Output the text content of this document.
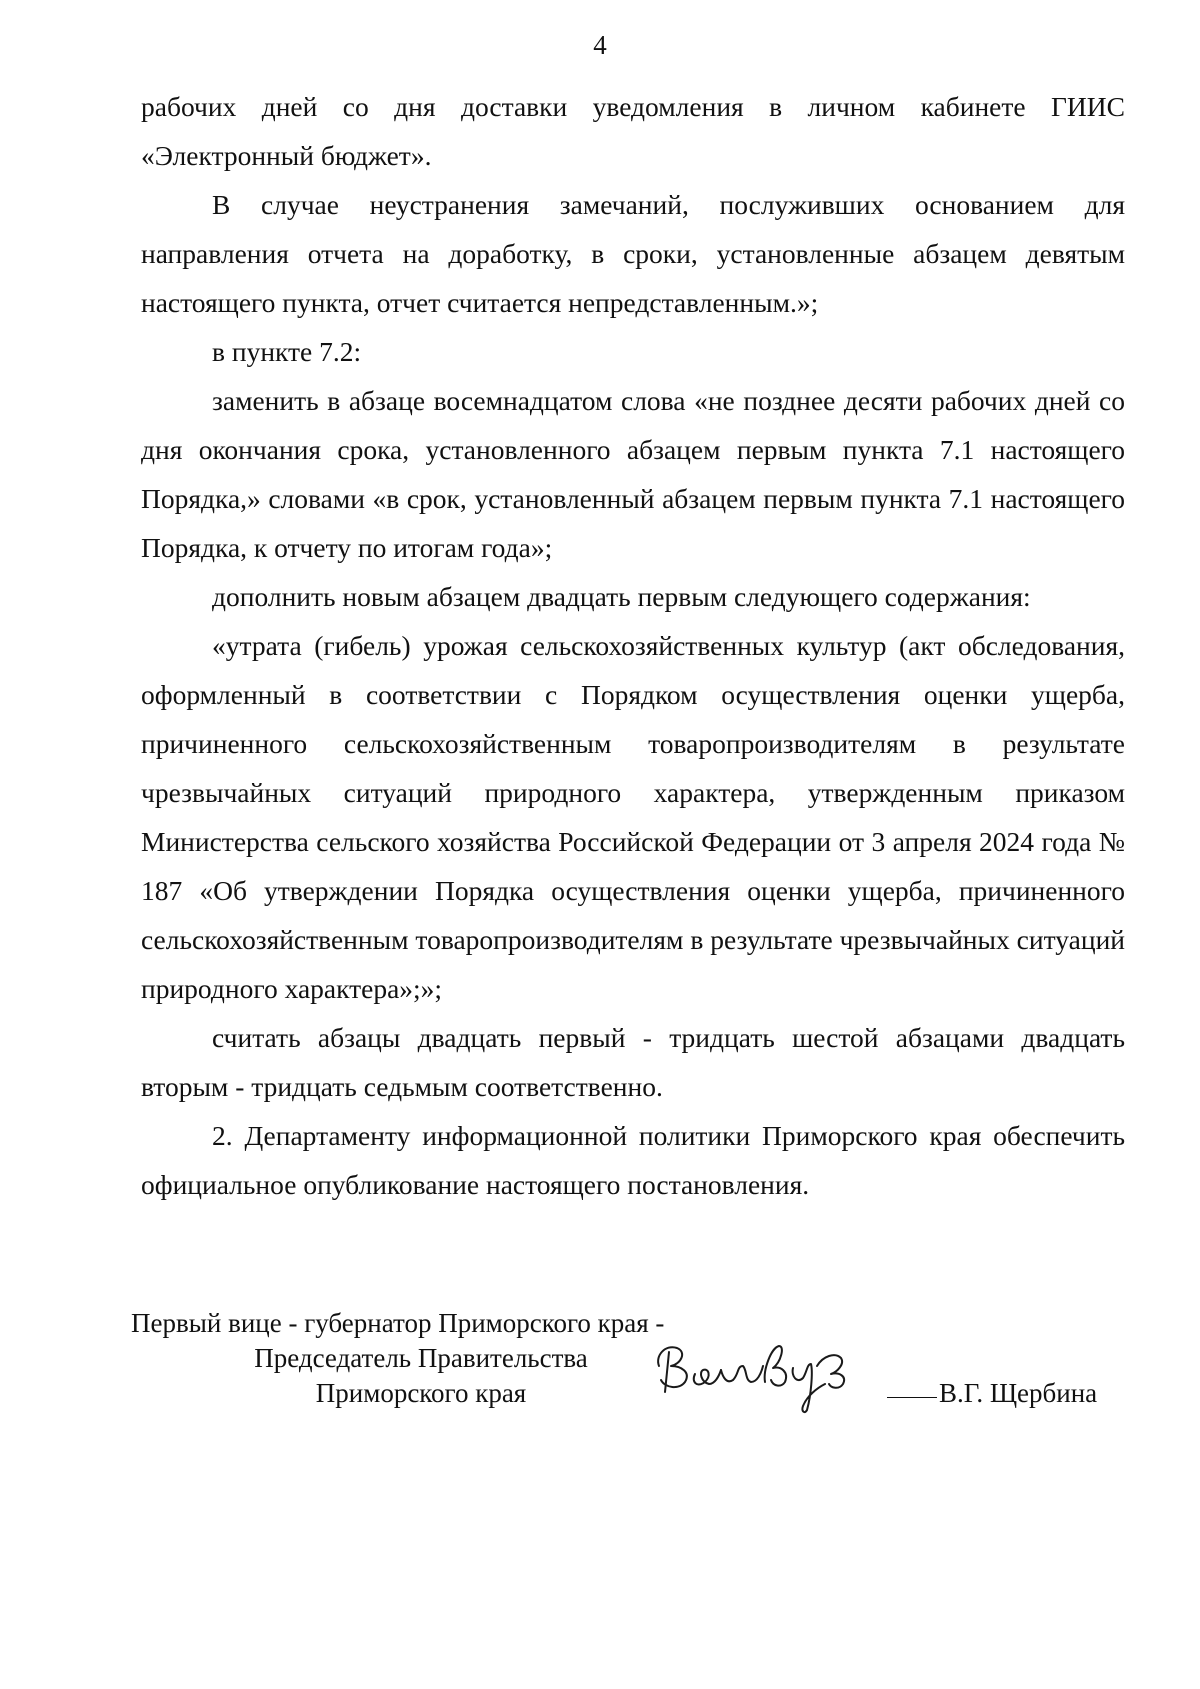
4

рабочих дней со дня доставки уведомления в личном кабинете ГИИС «Электронный бюджет».

В случае неустранения замечаний, послуживших основанием для направления отчета на доработку, в сроки, установленные абзацем девятым настоящего пункта, отчет считается непредставленным.»;

в пункте 7.2:

заменить в абзаце восемнадцатом слова «не позднее десяти рабочих дней со дня окончания срока, установленного абзацем первым пункта 7.1 настоящего Порядка,» словами «в срок, установленный абзацем первым пункта 7.1 настоящего Порядка, к отчету по итогам года»;

дополнить новым абзацем двадцать первым следующего содержания:

«утрата (гибель) урожая сельскохозяйственных культур (акт обследования, оформленный в соответствии с Порядком осуществления оценки ущерба, причиненного сельскохозяйственным товаропроизводителям в результате чрезвычайных ситуаций природного характера, утвержденным приказом Министерства сельского хозяйства Российской Федерации от 3 апреля 2024 года № 187 «Об утверждении Порядка осуществления оценки ущерба, причиненного сельскохозяйственным товаропроизводителям в результате чрезвычайных ситуаций природного характера»;»;

считать абзацы двадцать первый - тридцать шестой абзацами двадцать вторым - тридцать седьмым соответственно.

2. Департаменту информационной политики Приморского края обеспечить официальное опубликование настоящего постановления.

Первый вице - губернатор Приморского края -
Председатель Правительства
Приморского края	В.Г. Щербина
